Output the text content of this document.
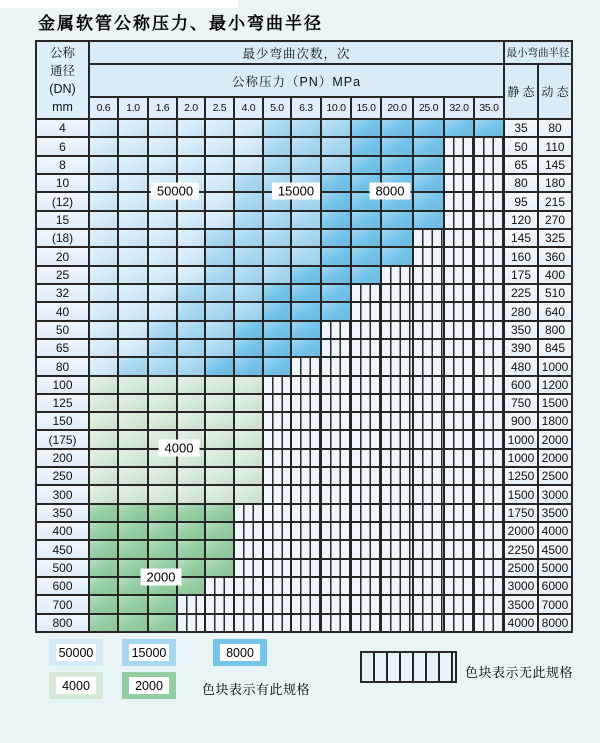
金属软管公称压力、最小弯曲半径
公称
通径
(DN)
mm
最少弯曲次数，次	最小弯曲半径
公称压力（PN）MPa
静 态 动 态
0.6	1.0	1.6	2.0	2.5	4.0	5.0	6.3	10.0	15.0	20.0	25.0	32.0	35.0
4	35	80
6	50	110
8	65	145
10	80	180
(12)	95	215
15	120	270
(18)	145	325
20	160	360
25	175	400
32	225	510
40	280	640
50	350	800
65	390	845
80	480 1000
100	600 1200
125	750 1500
150	900 1800
(175)	1000 2000
200	1000 2000
250	1250 2500
300	1500 3000
350	1750 3500
400	2000 4000
450	2250 4500
500	2500 5000
600	3000 6000
700	3500 7000
800	4000 8000
50000	15000	8000
4000
2000
50000	15000	8000
4000	2000	色块表示有此规格
色块表示无此规格
